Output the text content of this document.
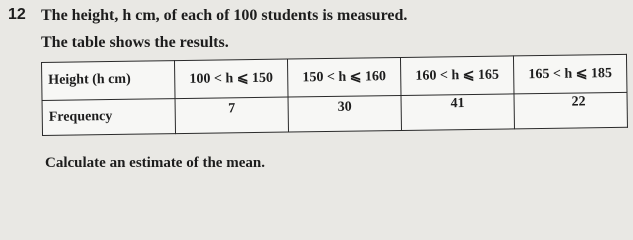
12 The height, h cm, of each of 100 students is measured.
The table shows the results.
Height (h cm)	100 < h ⩽ 150	150 < h ⩽ 160	160 < h ⩽ 165	165 < h ⩽ 185
Frequency	7	30	41	22
Calculate an estimate of the mean.
